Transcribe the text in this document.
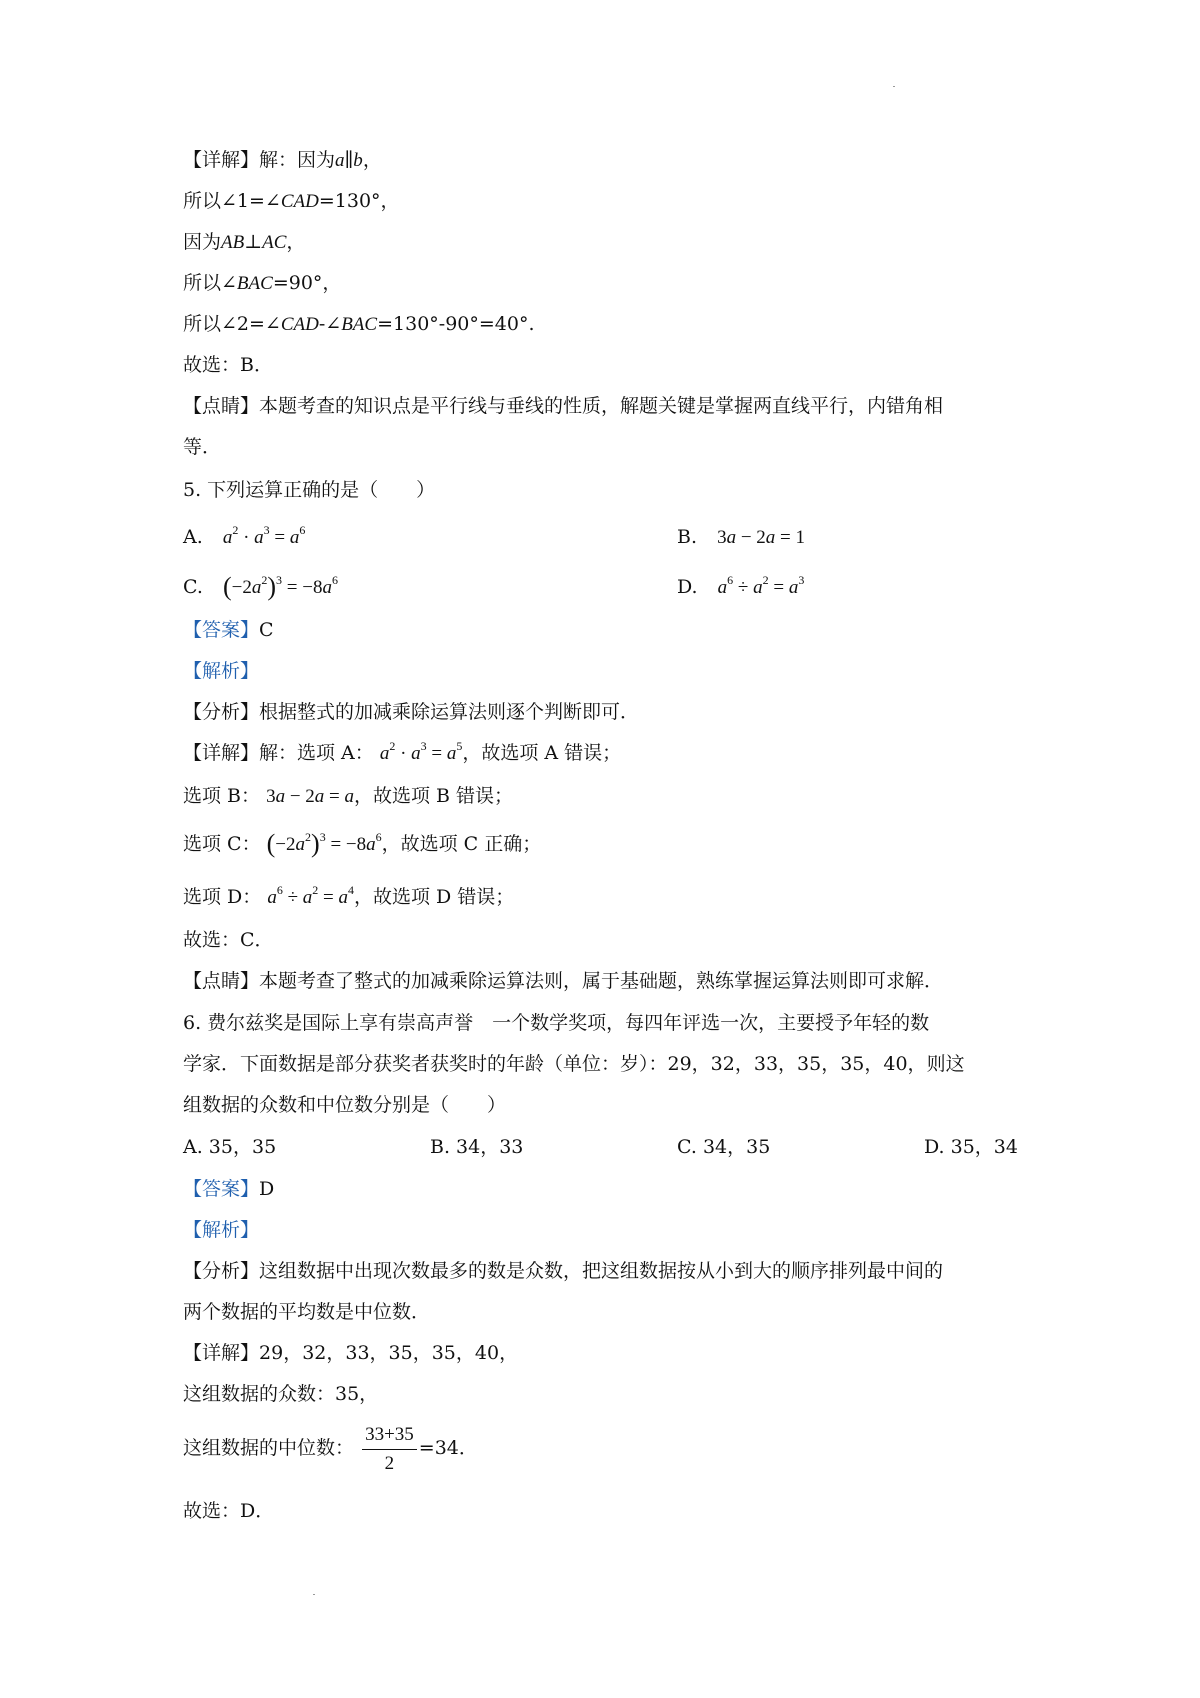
【详解】解：因为a∥b，
所以∠1=∠CAD=130°，
因为AB⊥AC，
所以∠BAC=90°，
所以∠2=∠CAD-∠BAC=130°-90°=40°.
故选：B．
【点睛】本题考查的知识点是平行线与垂线的性质，解题关键是掌握两直线平行，内错角相
等．
5. 下列运算正确的是（　　）
A. $a^2 \cdot a^3 = a^6$	B. 3a − 2a = 1
C. $(-2a^2)^3 = -8a^6$	D. $a^6 \div a^2 = a^3$
【答案】C
【解析】
【分析】根据整式的加减乘除运算法则逐个判断即可．
【详解】解：选项 A： $a^2 \cdot a^3 = a^5$，故选项 A 错误；
选项 B： 3a − 2a = a，故选项 B 错误；
选项 C： $(-2a^2)^3 = -8a^6$，故选项 C 正确；
选项 D： $a^6 \div a^2 = a^4$，故选项 D 错误；
故选：C．
【点睛】本题考查了整式的加减乘除运算法则，属于基础题，熟练掌握运算法则即可求解．
6. 费尔兹奖是国际上享有崇高声誉　一个数学奖项，每四年评选一次，主要授予年轻的数
学家．下面数据是部分获奖者获奖时的年龄（单位：岁）：29，32，33，35，35，40，则这
组数据的众数和中位数分别是（　　）
A. 35，35	B. 34，33	C. 34，35	D. 35，34
【答案】D
【解析】
【分析】这组数据中出现次数最多的数是众数，把这组数据按从小到大的顺序排列最中间的
两个数据的平均数是中位数．
【详解】29，32，33，35，35，40，
这组数据的众数：35，
这组数据的中位数： $\frac{33+35}{2} =34$．
故选：D．
